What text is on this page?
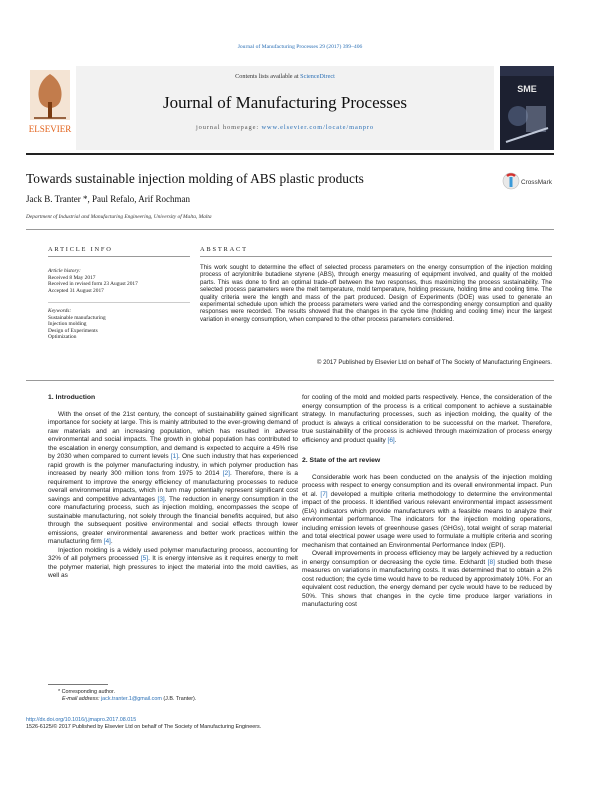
Journal of Manufacturing Processes 29 (2017) 399–406
ELSEVIER
Contents lists available at ScienceDirect
Journal of Manufacturing Processes
journal homepage: www.elsevier.com/locate/manpro
SME
Towards sustainable injection molding of ABS plastic products	CrossMark
Jack B. Tranter *, Paul Refalo, Arif Rochman
Department of Industrial and Manufacturing Engineering, University of Malta, Malta
ARTICLE INFO	ABSTRACT
Article history:
Received 8 May 2017
Received in revised form 23 August 2017
Accepted 31 August 2017
Keywords:
Sustainable manufacturing
Injection molding
Design of Experiments
Optimization
This work sought to determine the effect of selected process parameters on the energy consumption of the injection molding process of acrylonitrile butadiene styrene (ABS), through energy measuring of equipment involved, and quality of the molded parts. This was done to find an optimal trade-off between the two responses, thus maximizing the process sustainability. The selected process parameters were the melt temperature, mold temperature, holding pressure, holding time and cooling time. The quality criteria were the length and mass of the part produced. Design of Experiments (DOE) was used to generate an experimental schedule upon which the process parameters were varied and the corresponding energy consumption and quality responses were recorded. The results showed that the changes in the cycle time (holding and cooling time) incur the largest variation in energy consumption, when compared to the other process parameters considered.
© 2017 Published by Elsevier Ltd on behalf of The Society of Manufacturing Engineers.
1. Introduction

With the onset of the 21st century, the concept of sustainability gained significant importance for society at large. This is mainly attributed to the ever-growing demand of raw materials and an increasing population, which has resulted in adverse environmental and social impacts. The growth in global population has contributed to the escalation in energy consumption, and demand is expected to acquire a 45% rise by 2030 when compared to current levels [1]. One such industry that has experienced rapid growth is the polymer manufacturing industry, in which polymer production has increased by nearly 300 million tons from 1975 to 2014 [2]. Therefore, there is a requirement to improve the energy efficiency of manufacturing processes to reduce overall environmental impacts, which in turn may potentially represent significant cost savings and competitive advantages [3]. The reduction in energy consumption in the core manufacturing process, such as injection molding, encompasses the scope of sustainable manufacturing, not solely through the financial benefits acquired, but also through the subsequent positive environmental and social effects through lower emissions, greater environmental awareness and better work practices within the manufacturing firm [4].

Injection molding is a widely used polymer manufacturing process, accounting for 32% of all polymers processed [5]. It is energy intensive as it requires energy to melt the polymer material, high pressures to inject the material into the mold cavities, as well as

for cooling of the mold and molded parts respectively. Hence, the consideration of the energy consumption of the process is a critical component to achieve a sustainable strategy. In manufacturing processes, such as injection molding, the quality of the product is always a critical consideration to be successful on the market. Therefore, true sustainability of the process is achieved through maximization of process energy efficiency and product quality [6].

2. State of the art review

Considerable work has been conducted on the analysis of the injection molding process with respect to energy consumption and its overall environmental impact. Pun et al. [7] developed a multiple criteria methodology to determine the environmental impact of the process. It identified various relevant environmental impact assessment (EIA) indicators which provide manufacturers with a feasible means to analyze their environmental performance. The indicators for the injection molding operations, including emission levels of greenhouse gases (GHGs), total weight of scrap material and total electrical power usage were used to formulate a multiple criteria and scoring mechanism that contained an Environmental Performance Index (EPI).

Overall improvements in process efficiency may be largely achieved by a reduction in energy consumption or decreasing the cycle time. Eckhardt [8] studied both these measures on variations in manufacturing costs. It was determined that to obtain a 2% cost reduction; the cycle time would have to be reduced by approximately 10%. For an equivalent cost reduction, the energy demand per cycle would have to be reduced by 50%. This shows that changes in the cycle time produce larger variations in manufacturing cost

* Corresponding author.
E-mail address: jack.tranter.1@gmail.com (J.B. Tranter).
http://dx.doi.org/10.1016/j.jmapro.2017.08.015
1526-6125/© 2017 Published by Elsevier Ltd on behalf of The Society of Manufacturing Engineers.
